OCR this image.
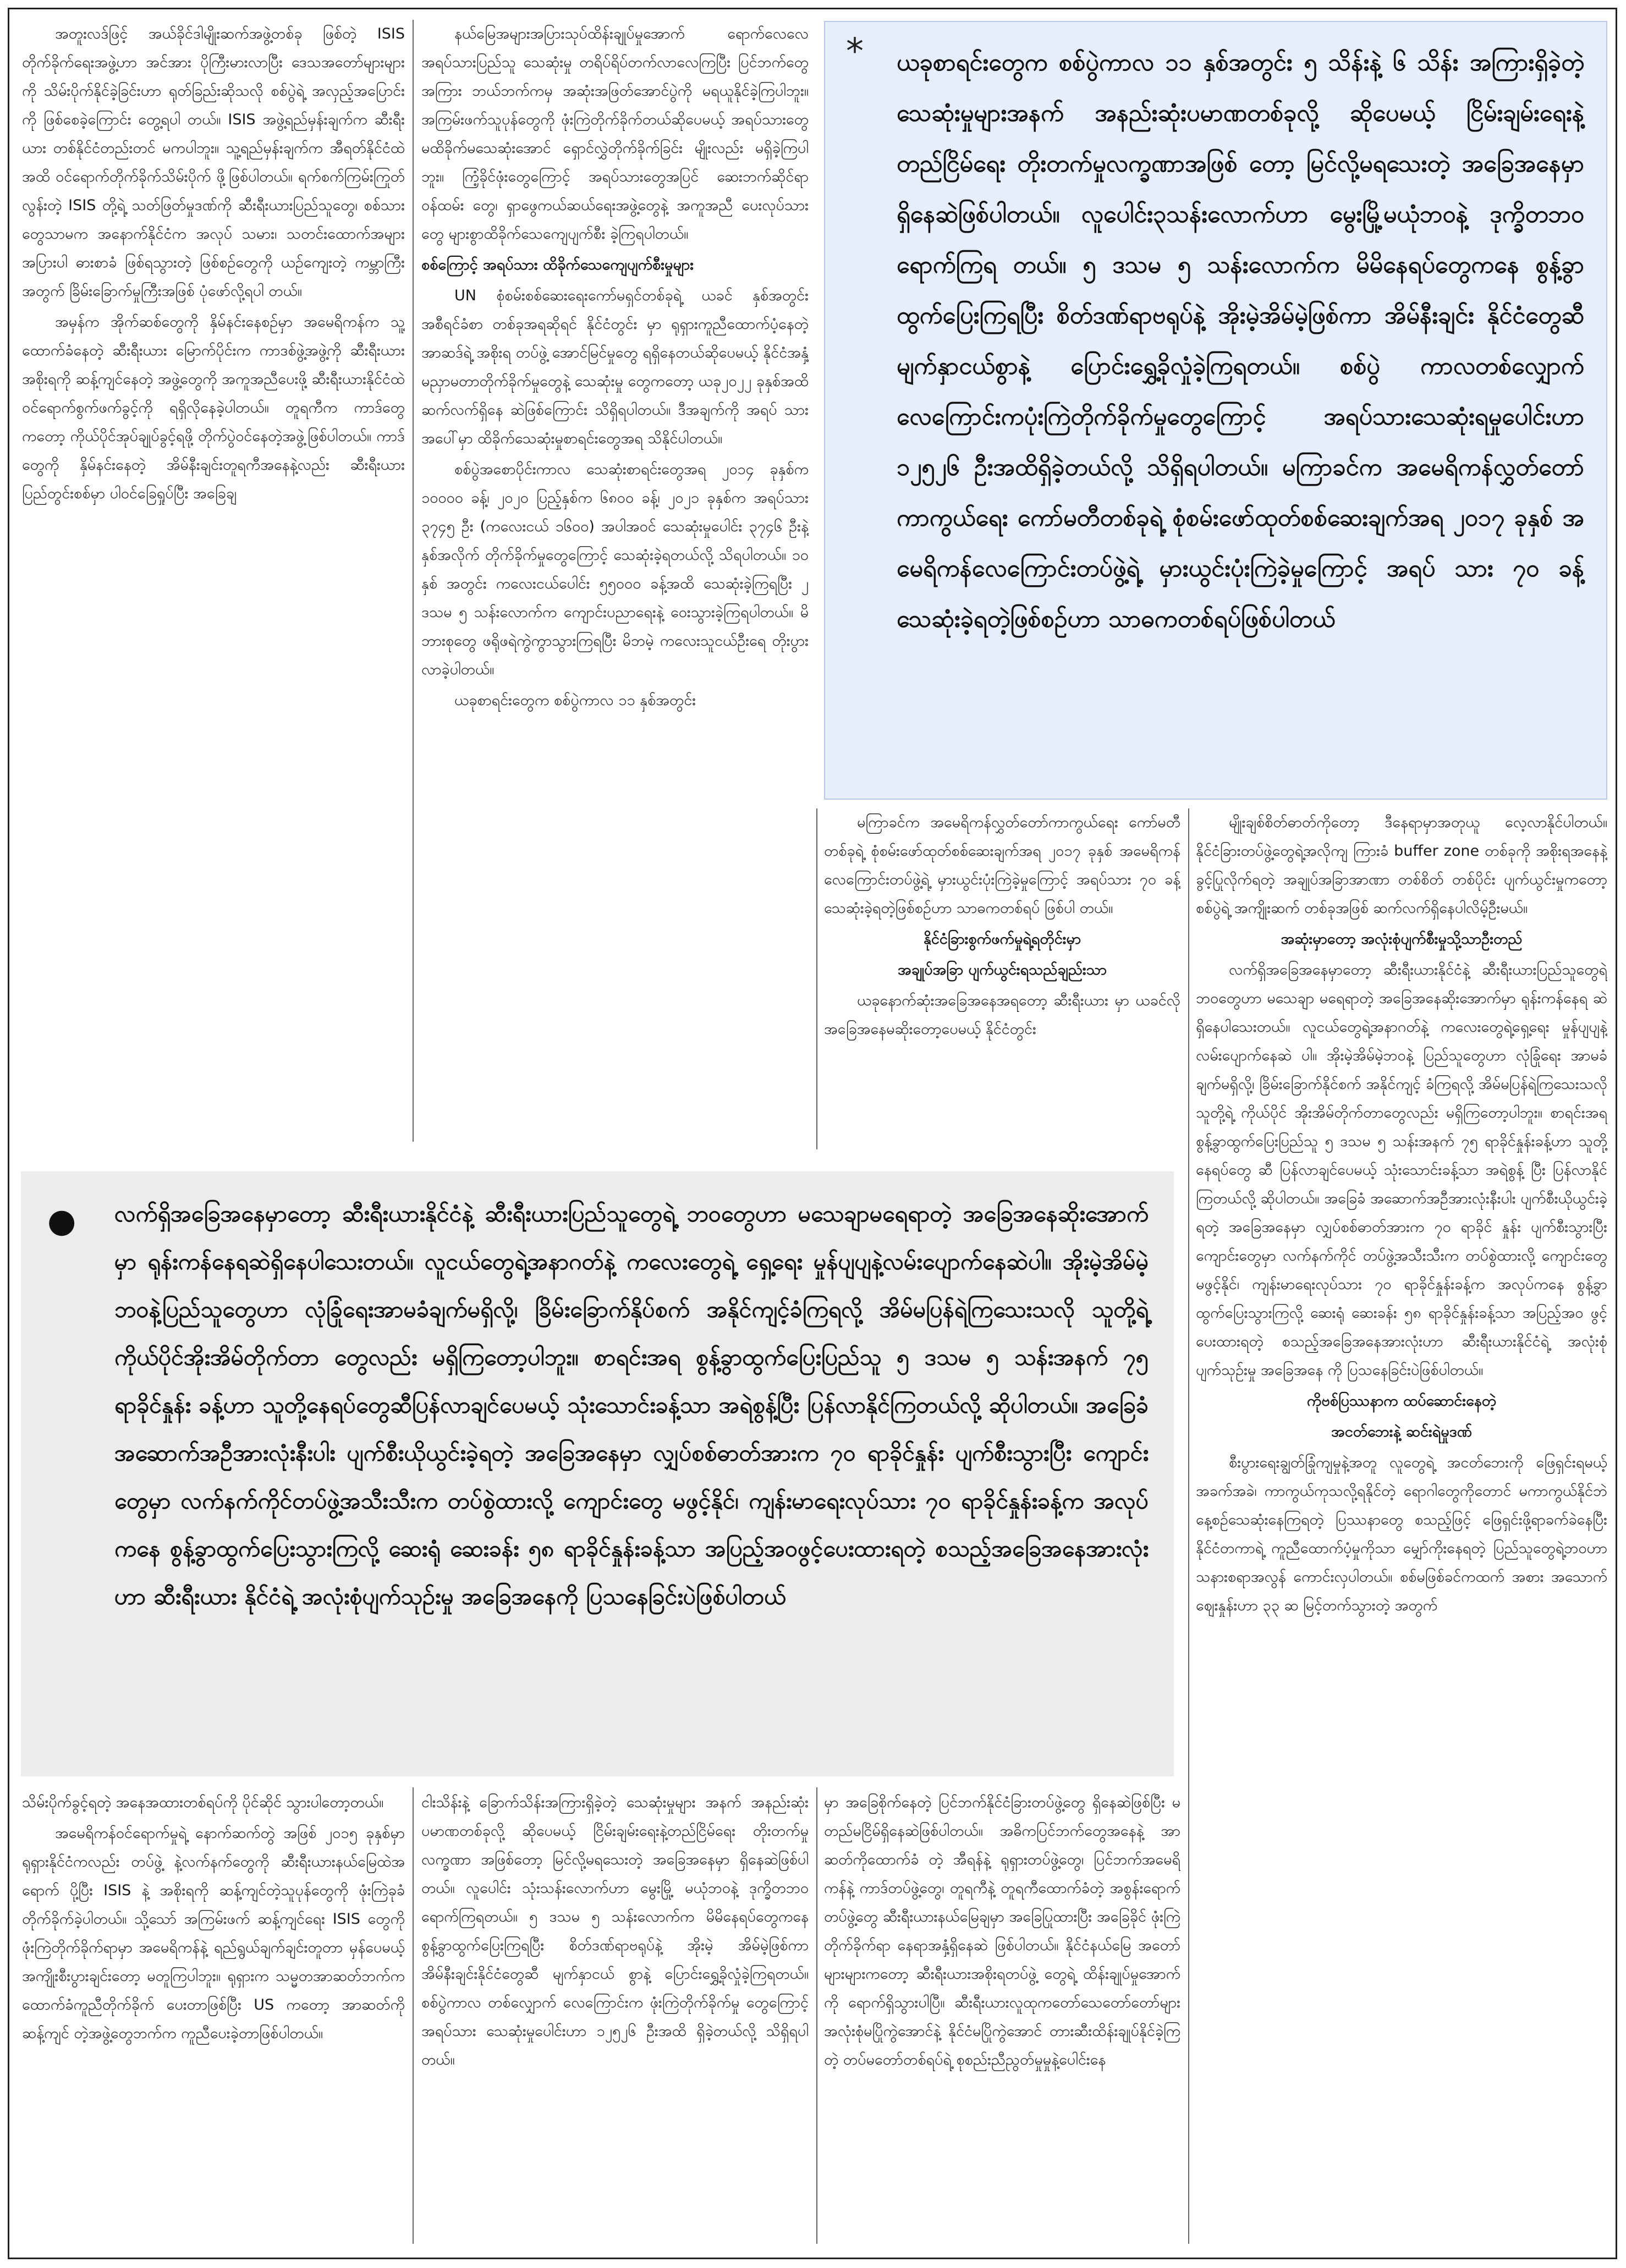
အတူးလဒ်ဖြင့် အယ်ခိုင်ဒါမျိုးဆက်အဖွဲ့တစ်ခု ဖြစ်တဲ့ ISIS တိုက်ခိုက်ရေးအဖွဲ့ဟာ အင်အား ပိုကြီးမားလာပြီး ဒေသအတော်များများကို သိမ်းပိုက်နိုင်ခဲ့ခြင်းဟာ ရုတ်ခြည်းဆိုသလို စစ်ပွဲရဲ့ အလှည့်အပြောင်းကို ဖြစ်စေခဲ့ကြောင်း တွေ့ရပါ တယ်။ ISIS အဖွဲ့ရည်မှန်းချက်က ဆီးရီးယား တစ်နိုင်ငံတည်းတင် မကပါဘူး။ သူ့ရည်မှန်းချက်က အီရတ်နိုင်ငံထဲအထိ ဝင်ရောက်တိုက်ခိုက်သိမ်းပိုက် ဖို့ဖြစ်ပါတယ်။ ရက်စက်ကြမ်းကြုတ်လွန်းတဲ့ ISIS တို့ရဲ့ သတ်ဖြတ်မှုဒဏ်ကို ဆီးရီးယားပြည်သူတွေ၊ စစ်သားတွေသာမက အနောက်နိုင်ငံက အလုပ် သမား၊ သတင်းထောက်အများအပြားပါ ဓားစာခံ ဖြစ်ရသွားတဲ့ ဖြစ်စဉ်တွေကို ယဉ်ကျေးတဲ့ ကမ္ဘာကြီး အတွက် ခြိမ်းခြောက်မှုကြီးအဖြစ် ပုံဖော်လို့ရပါ တယ်။

အမှန်က အိုက်ဆစ်တွေကို နှိမ်နင်းနေစဉ်မှာ အမေရိကန်က သူ့ထောက်ခံနေတဲ့ ဆီးရီးယား မြောက်ပိုင်းက ကာဒစ်ဖွဲ့အဖွဲ့ကို ဆီးရီးယားအစိုးရကို ဆန့်ကျင်နေတဲ့ အဖွဲ့တွေကို အကူအညီပေးဖို့ ဆီးရီးယားနိုင်ငံထဲ ဝင်ရောက်စွက်ဖက်ခွင့်ကို ရရှိလိုနေခဲ့ပါတယ်။ တူရကီက ကာဒ်တွေကတော့ ကိုယ်ပိုင်အုပ်ချုပ်ခွင့်ရဖို့ တိုက်ပွဲဝင်နေတဲ့အဖွဲ့ဖြစ်ပါတယ်။ ကာဒ်တွေကို နှိမ်နင်းနေတဲ့ အိမ်နီးချင်းတူရကီအနေနဲ့လည်း ဆီးရီးယားပြည်တွင်းစစ်မှာ ပါဝင်ခြေရှုပ်ပြီး အခြေချ

နယ်မြေအများအပြားသုပ်ထိန်းချုပ်မှုအောက် ရောက်လေလေ အရပ်သားပြည်သူ သေဆုံးမှု တရိပ်ရိပ်တက်လာလေကြပြီး ပြင်ဘက်တွေ အကြား ဘယ်ဘက်ကမှ အဆုံးအဖြတ်အောင်ပွဲကို မရယူနိုင်ခဲ့ကြပါဘူး။ အကြမ်းဖက်သူပုန်တွေကို ဖုံးကြဲတိုက်ခိုက်တယ်ဆိုပေမယ့် အရပ်သားတွေ မထိခိုက်မသေဆုံးအောင် ရှောင်လွှဲတိုက်ခိုက်ခြင်း မျိုးလည်း မရှိခဲ့ကြပါဘူး။ ကြံ့ခိုင်ဖုံးတွေကြောင့် အရပ်သားတွေအပြင် ဆေးဘက်ဆိုင်ရာ ဝန်ထမ်း တွေ၊ ရှာဖွေကယ်ဆယ်ရေးအဖွဲ့တွေနဲ့ အကူအညီ ပေးလုပ်သားတွေ များစွာထိခိုက်သေကျေပျက်စီး ခဲ့ကြရပါတယ်။

စစ်ကြောင့် အရပ်သား ထိခိုက်သေကျေပျက်စီးမှုများ

UN စုံစမ်းစစ်ဆေးရေးကော်မရှင်တစ်ခုရဲ့ ယခင် နှစ်အတွင်း အစီရင်ခံစာ တစ်ခုအရဆိုရင် နိုင်ငံတွင်း မှာ ရုရှားကူညီထောက်ပံ့နေတဲ့ အာဆဒ်ရဲ့ အစိုးရ တပ်ဖွဲ့ အောင်မြင်မှုတွေ ရရှိနေတယ်ဆိုပေမယ့် နိုင်ငံအနှံ့ မညှာမတာတိုက်ခိုက်မှုတွေနဲ့ သေဆုံးမှု တွေကတော့ ယခု၂၀၂၂ ခုနှစ်အထိ ဆက်လက်ရှိနေ ဆဲဖြစ်ကြောင်း သိရှိရပါတယ်။ ဒီအချက်ကို အရပ် သားအပေါ်မှာ ထိခိုက်သေဆုံးမှုစာရင်းတွေအရ သိနိုင်ပါတယ်။

စစ်ပွဲအစောပိုင်းကာလ သေဆုံးစာရင်းတွေအရ ၂၀၁၄ ခုနှစ်က ၁၀၀၀၀ ခန့်၊ ၂၀၂၀ ပြည့်နှစ်က ၆၈၀၀ ခန့်၊ ၂၀၂၁ ခုနှစ်က အရပ်သား ၃၇၄၅ ဦး (ကလေးငယ် ၁၆၀၀) အပါအဝင် သေဆုံးမှုပေါင်း ၃၇၄၆ ဦးနဲ့ နှစ်အလိုက် တိုက်ခိုက်မှုတွေကြောင့် သေဆုံးခဲ့ရတယ်လို့ သိရပါတယ်။ ၁၀ နှစ် အတွင်း ကလေးငယ်ပေါင်း ၅၅၀၀၀ ခန့်အထိ သေဆုံးခဲ့ကြရပြီး ၂ ဒသမ ၅ သန်းလောက်က ကျောင်းပညာရေးနဲ့ ဝေးသွားခဲ့ကြရပါတယ်။ မိဘားစုတွေ ဖရိုဖရဲကွဲကွာသွားကြရပြီး မိဘမဲ့ ကလေးသူငယ်ဦးရေ တိုးပွားလာခဲ့ပါတယ်။

ယခုစာရင်းတွေက စစ်ပွဲကာလ ၁၁ နှစ်အတွင်း

* ယခုစာရင်းတွေက စစ်ပွဲကာလ ၁၁ နှစ်အတွင်း ၅ သိန်းနဲ့ ၆ သိန်း အကြားရှိခဲ့တဲ့ သေဆုံးမှုများအနက် အနည်းဆုံးပမာဏတစ်ခုလို့ ဆိုပေမယ့် ငြိမ်းချမ်းရေးနဲ့တည်ငြိမ်ရေး တိုးတက်မှုလက္ခဏာအဖြစ် တော့ မြင်လို့မရသေးတဲ့ အခြေအနေမှာ ရှိနေဆဲဖြစ်ပါတယ်။ လူပေါင်း၃သန်းလောက်ဟာ မွေးမြို့မယုံဘဝနဲ့ ဒုက္ခိတဘဝရောက်ကြရ တယ်။ ၅ ဒသမ ၅ သန်းလောက်က မိမိနေရပ်တွေကနေ စွန့်ခွာ ထွက်ပြေးကြရပြီး စိတ်ဒဏ်ရာဗရုပ်နဲ့ အိုးမဲ့အိမ်မဲ့ဖြစ်ကာ အိမ်နီးချင်း နိုင်ငံတွေဆီ မျက်နှာငယ်စွာနဲ့ ပြောင်းရွှေ့ခိုလှုံခဲ့ကြရတယ်။ စစ်ပွဲ ကာလတစ်လျှောက် လေကြောင်းကပုံးကြဲတိုက်ခိုက်မှုတွေကြောင့် အရပ်သားသေဆုံးရမှုပေါင်းဟာ ၁၂၅၂၆ ဦးအထိရှိခဲ့တယ်လို့ သိရှိရပါတယ်။ မကြာခင်က အမေရိကန်လွှတ်တော်ကာကွယ်ရေး ကော်မတီတစ်ခုရဲ့ စုံစမ်းဖော်ထုတ်စစ်ဆေးချက်အရ ၂၀၁၇ ခုနှစ် အမေရိကန်လေကြောင်းတပ်ဖွဲ့ရဲ့ မှားယွင်းပုံးကြဲခဲ့မှုကြောင့် အရပ် သား ၇၀ ခန့် သေဆုံးခဲ့ရတဲ့ဖြစ်စဉ်ဟာ သာဓကတစ်ရပ်ဖြစ်ပါတယ်

မကြာခင်က အမေရိကန်လွှတ်တော်ကာကွယ်ရေး ကော်မတီတစ်ခုရဲ့ စုံစမ်းဖော်ထုတ်စစ်ဆေးချက်အရ ၂၀၁၇ ခုနှစ် အမေရိကန်လေကြောင်းတပ်ဖွဲ့ရဲ့ မှားယွင်းပုံးကြဲခဲ့မှုကြောင့် အရပ်သား ၇၀ ခန့် သေဆုံးခဲ့ရတဲ့ဖြစ်စဉ်ဟာ သာဓကတစ်ရပ် ဖြစ်ပါ တယ်။

နိုင်ငံခြားစွက်ဖက်မှုရဲ့ရတိုင်းမှာ

အချုပ်အခြာ ပျက်ယွင်းရသည်ချည်းသာ

ယခုနောက်ဆုံးအခြေအနေအရတော့ ဆီးရီးယား မှာ ယခင်လိုအခြေအနေမဆိုးတော့ပေမယ့် နိုင်ငံတွင်း

မျိုးချစ်စိတ်ဓာတ်ကိုတော့ ဒီနေရာမှာအတုယူ လေ့လာနိုင်ပါတယ်။ နိုင်ငံခြားတပ်ဖွဲ့တွေရဲ့အလိုကျ ကြားခံ buffer zone တစ်ခုကို အစိုးရအနေနဲ့ ခွင့်ပြုလိုက်ရတဲ့ အချုပ်အခြာအာဏာ တစ်စိတ် တစ်ပိုင်း ပျက်ယွင်းမှုကတော့ စစ်ပွဲရဲ့ အကျိုးဆက် တစ်ခုအဖြစ် ဆက်လက်ရှိနေပါလိမ့်ဦးမယ်။

အဆုံးမှာတော့ အလုံးစုံပျက်စီးမှုသို့သာဦးတည်

လက်ရှိအခြေအနေမှာတော့ ဆီးရီးယားနိုင်ငံနဲ့ ဆီးရီးယားပြည်သူတွေရဲ့ ဘဝတွေဟာ မသေချာ မရေရာတဲ့ အခြေအနေဆိုးအောက်မှာ ရုန်းကန်နေရ ဆဲရှိနေပါသေးတယ်။ လူငယ်တွေရဲ့အနာဂတ်နဲ့ ကလေးတွေရဲ့ရှေ့ရေး မှုန်ပျပျနဲ့လမ်းပျောက်နေဆဲ ပါ။ အိုးမဲ့အိမ်မဲ့ဘဝနဲ့ ပြည်သူတွေဟာ လုံခြုံရေး အာမခံချက်မရှိလို့၊ ခြိမ်းခြောက်နိုင်စက် အနိုင်ကျင့် ခံကြရလို့ အိမ်မပြန်ရဲကြသေးသလို သူတို့ရဲ့ ကိုယ်ပိုင် အိုးအိမ်တိုက်တာတွေလည်း မရှိကြတော့ပါဘူး။ စာရင်းအရ စွန့်ခွာထွက်ပြေးပြည်သူ ၅ ဒသမ ၅ သန်းအနက် ၇၅ ရာခိုင်နှုန်းခန့်ဟာ သူတို့နေရပ်တွေ ဆီ ပြန်လာချင်ပေမယ့် သုံးသောင်းခန့်သာ အရဲစွန့် ပြီး ပြန်လာနိုင်ကြတယ်လို့ ဆိုပါတယ်။ အခြေခံ အဆောက်အဦအားလုံးနီးပါး ပျက်စီးယိုယွင်းခဲ့ရတဲ့ အခြေအနေမှာ လျှပ်စစ်ဓာတ်အားက ၇၀ ရာခိုင် နှုန်း ပျက်စီးသွားပြီး ကျောင်းတွေမှာ လက်နက်ကိုင် တပ်ဖွဲ့အသီးသီးက တပ်စွဲထားလို့ ကျောင်းတွေ မဖွင့်နိုင်၊ ကျန်းမာရေးလုပ်သား ၇၀ ရာခိုင်နှုန်းခန့်က အလုပ်ကနေ စွန့်ခွာထွက်ပြေးသွားကြလို့ ဆေးရုံ ဆေးခန်း ၅၈ ရာခိုင်နှုန်းခန့်သာ အပြည့်အဝ ဖွင့်ပေးထားရတဲ့ စသည့်အခြေအနေအားလုံးဟာ ဆီးရီးယားနိုင်ငံရဲ့ အလုံးစုံပျက်သုဉ်းမှု အခြေအနေ ကို ပြသနေခြင်းပဲဖြစ်ပါတယ်။

ကိုဗစ်ပြဿနာက ထပ်ဆောင်းနေတဲ့

အငတ်ဘေးနဲ့ ဆင်းရဲမှုဒဏ်

စီးပွားရေးချွတ်ခြုံကျမှုနဲ့အတူ လူတွေရဲ့ အငတ်ဘေးကို ဖြေရှင်းရမယ့် အခက်အခဲ၊ ကာကွယ်ကုသလို့ရနိုင်တဲ့ ရောဂါတွေကိုတောင် မကာကွယ်နိုင်ဘဲ နေ့စဉ်သေဆုံးနေကြရတဲ့ ပြဿနာတွေ စသည့်ဖြင့် ဖြေရှင်းဖို့ရာခက်ခဲနေပြီး နိုင်ငံတကာရဲ့ ကူညီထောက်ပံ့မှုကိုသာ မျှော်ကိုးနေရတဲ့ ပြည်သူတွေရဲ့ဘဝဟာ သနားစရာအလွန် ကောင်းလှပါတယ်။ စစ်မဖြစ်ခင်ကထက် အစား အသောက်ဈေးနှုန်းဟာ ၃၃ ဆ မြင့်တက်သွားတဲ့ အတွက်

● လက်ရှိအခြေအနေမှာတော့ ဆီးရီးယားနိုင်ငံနဲ့ ဆီးရီးယားပြည်သူတွေရဲ့ ဘဝတွေဟာ မသေချာမရေရာတဲ့ အခြေအနေဆိုးအောက်မှာ ရုန်းကန်နေရဆဲရှိနေပါသေးတယ်။ လူငယ်တွေရဲ့အနာဂတ်နဲ့ ကလေးတွေရဲ့ ရှေ့ရေး မှုန်ပျပျနဲ့လမ်းပျောက်နေဆဲပါ။ အိုးမဲ့အိမ်မဲ့ဘဝနဲ့ပြည်သူတွေဟာ လုံခြုံရေးအာမခံချက်မရှိလို့၊ ခြိမ်းခြောက်နိုပ်စက် အနိုင်ကျင့်ခံကြရလို့ အိမ်မပြန်ရဲကြသေးသလို သူတို့ရဲ့ကိုယ်ပိုင်အိုးအိမ်တိုက်တာ တွေလည်း မရှိကြတော့ပါဘူး။ စာရင်းအရ စွန့်ခွာထွက်ပြေးပြည်သူ ၅ ဒသမ ၅ သန်းအနက် ၇၅ ရာခိုင်နှုန်း ခန့်ဟာ သူတို့နေရပ်တွေဆီပြန်လာချင်ပေမယ့် သုံးသောင်းခန့်သာ အရဲစွန့်ပြီး ပြန်လာနိုင်ကြတယ်လို့ ဆိုပါတယ်။ အခြေခံအဆောက်အဦအားလုံးနီးပါး ပျက်စီးယိုယွင်းခဲ့ရတဲ့ အခြေအနေမှာ လျှပ်စစ်ဓာတ်အားက ၇၀ ရာခိုင်နှုန်း ပျက်စီးသွားပြီး ကျောင်းတွေမှာ လက်နက်ကိုင်တပ်ဖွဲ့အသီးသီးက တပ်စွဲထားလို့ ကျောင်းတွေ မဖွင့်နိုင်၊ ကျန်းမာရေးလုပ်သား ၇၀ ရာခိုင်နှုန်းခန့်က အလုပ်ကနေ စွန့်ခွာထွက်ပြေးသွားကြလို့ ဆေးရုံ ဆေးခန်း ၅၈ ရာခိုင်နှုန်းခန့်သာ အပြည့်အဝဖွင့်ပေးထားရတဲ့ စသည့်အခြေအနေအားလုံးဟာ ဆီးရီးယား နိုင်ငံရဲ့ အလုံးစုံပျက်သုဉ်းမှု အခြေအနေကို ပြသနေခြင်းပဲဖြစ်ပါတယ်

သိမ်းပိုက်ခွင့်ရတဲ့ အနေအထားတစ်ရပ်ကို ပိုင်ဆိုင် သွားပါတော့တယ်။

အမေရိကန်ဝင်ရောက်မှုရဲ့ နောက်ဆက်တွဲ အဖြစ် ၂၀၁၅ ခုနှစ်မှာ ရုရှားနိုင်ငံကလည်း တပ်ဖွဲ့ နဲ့လက်နက်တွေကို ဆီးရီးယားနယ်မြေထဲအရောက် ပို့ပြီး ISIS နဲ့ အစိုးရကို ဆန့်ကျင်တဲ့သူပုန်တွေကို ဖုံးကြဲခုခံတိုက်ခိုက်ခဲ့ပါတယ်။ သို့သော် အကြမ်းဖက် ဆန့်ကျင်ရေး ISIS တွေကို ဖုံးကြဲတိုက်ခိုက်ရာမှာ အမေရိကန်နဲ့ ရည်ရွယ်ချက်ချင်းတူတာ မှန်ပေမယ့် အကျိုးစီးပွားချင်းတော့ မတူကြပါဘူး။ ရုရှားက သမ္မတအာဆတ်ဘက်က ထောက်ခံကူညီတိုက်ခိုက် ပေးတာဖြစ်ပြီး US ကတော့ အာဆတ်ကိုဆန့်ကျင် တဲ့အဖွဲ့တွေဘက်က ကူညီပေးခဲ့တာဖြစ်ပါတယ်။

ငါးသိန်းနဲ့ ခြောက်သိန်းအကြားရှိခဲ့တဲ့ သေဆုံးမှုများ အနက် အနည်းဆုံးပမာဏတစ်ခုလို့ ဆိုပေမယ့် ငြိမ်းချမ်းရေးနဲ့တည်ငြိမ်ရေး တိုးတက်မှုလက္ခဏာ အဖြစ်တော့ မြင်လို့မရသေးတဲ့ အခြေအနေမှာ ရှိနေဆဲဖြစ်ပါတယ်။ လူပေါင်း သုံးသန်းလောက်ဟာ မွေးမြို့ မယုံဘဝနဲ့ ဒုက္ခိတဘဝရောက်ကြရတယ်။ ၅ ဒသမ ၅ သန်းလောက်က မိမိနေရပ်တွေကနေ စွန့်ခွာထွက်ပြေးကြရပြီး စိတ်ဒဏ်ရာဗရုပ်နဲ့ အိုးမဲ့ အိမ်မဲ့ဖြစ်ကာ အိမ်နီးချင်းနိုင်ငံတွေဆီ မျက်နှာငယ် စွာနဲ့ ပြောင်းရွှေ့ခိုလှုံခဲ့ကြရတယ်။ စစ်ပွဲကာလ တစ်လျှောက် လေကြောင်းက ဖုံးကြဲတိုက်ခိုက်မှု တွေကြောင့် အရပ်သား သေဆုံးမှုပေါင်းဟာ ၁၂၅၂၆ ဦးအထိ ရှိခဲ့တယ်လို့ သိရှိရပါတယ်။

မှာ အခြေစိုက်နေတဲ့ ပြင်ဘက်နိုင်ငံခြားတပ်ဖွဲ့တွေ ရှိနေဆဲဖြစ်ပြီး မတည်မငြိမ်ရှိနေဆဲဖြစ်ပါတယ်။ အဓိကပြင်ဘက်တွေအနေနဲ့ အာဆတ်ကိုထောက်ခံ တဲ့ အီရန်နဲ့ ရုရှားတပ်ဖွဲ့တွေ၊ ပြင်ဘက်အမေရိကန်နဲ့ ကာဒ်တပ်ဖွဲ့တွေ၊ တူရကီနဲ့ တူရကီထောက်ခံတဲ့ အစွန်းရောက်တပ်ဖွဲ့တွေ ဆီးရီးယားနယ်မြေချမှာ အခြေပြုထားပြီး အခြေခိုင် ဖုံးကြဲတိုက်ခိုက်ရာ နေရာအနှံ့ရှိနေဆဲ ဖြစ်ပါတယ်။ နိုင်ငံနယ်မြေ အတော်များများကတော့ ဆီးရီးယားအစိုးရတပ်ဖွဲ့ တွေရဲ့ ထိန်းချုပ်မှုအောက်ကို ရောက်ရှိသွားပါပြီ။ ဆီးရီးယားလူထုကတော်သေတော်တော်များ အလုံးစုံမပြိုကွဲအောင်နဲ့ နိုင်ငံမပြိုကွဲအောင် တားဆီးထိန်းချုပ်နိုင်ခဲ့ကြတဲ့ တပ်မတော်တစ်ရပ်ရဲ့ စုစည်းညီညွတ်မှုမှုနဲ့ပေါင်းနေ
